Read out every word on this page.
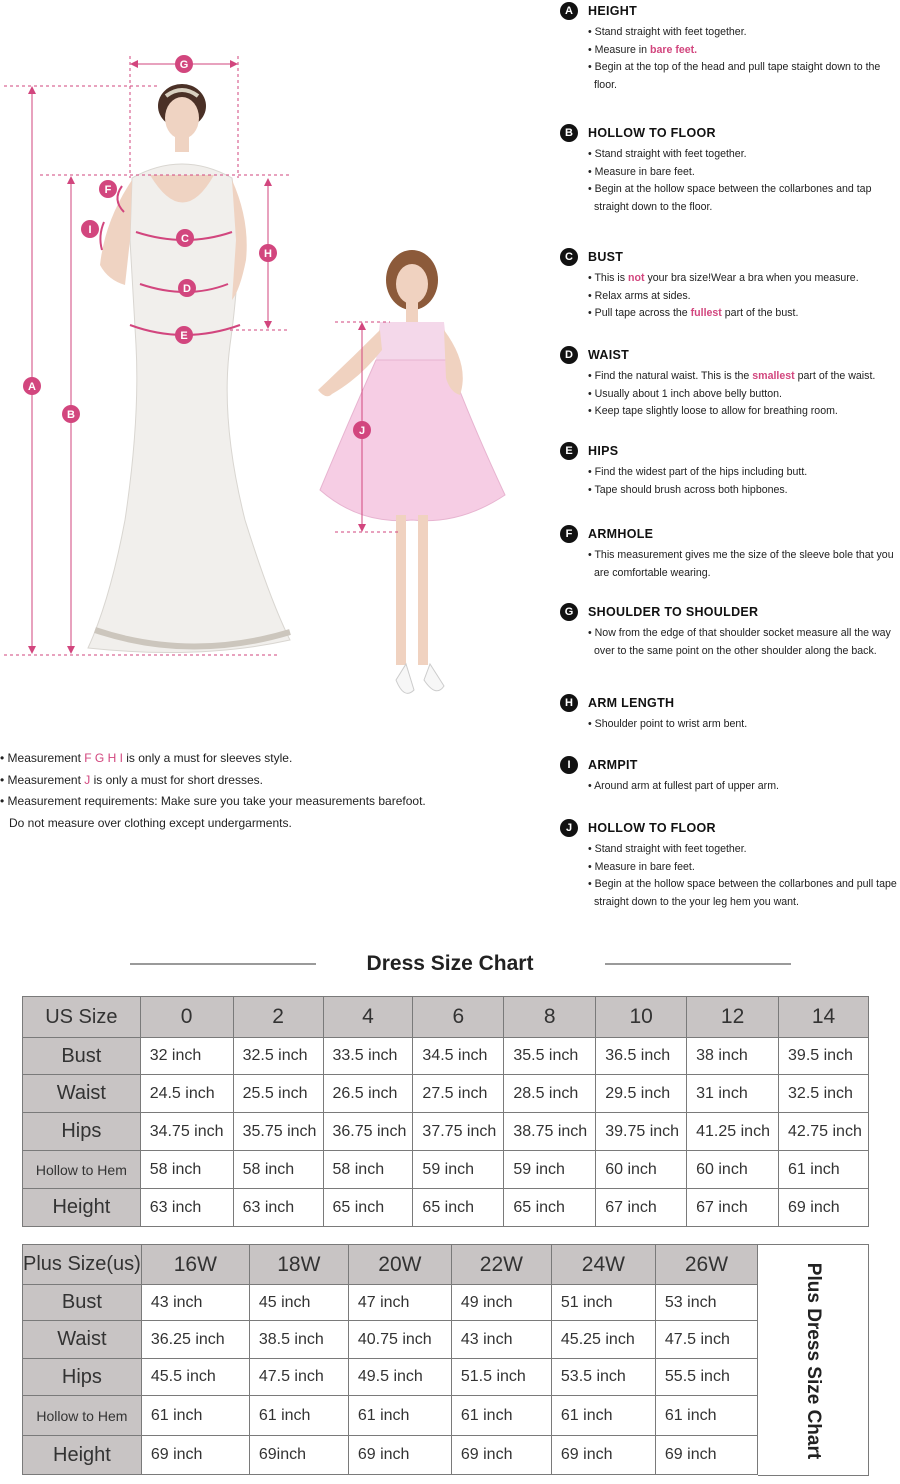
A
B
C
D
E
F
G
H
I
J
• Measurement F G H I is only a must for sleeves style.
• Measurement J is only a must for short dresses.
• Measurement requirements: Make sure you take your measurements barefoot.
Do not measure over clothing except undergarments.
A	HEIGHT
• Stand straight with feet together.
• Measure in bare feet.
• Begin at the top of the head and pull tape staight down to the floor.
B	HOLLOW TO FLOOR
• Stand straight with feet together.
• Measure in bare feet.
• Begin at the hollow space between the collarbones and tap straight down to the floor.
C	BUST
• This is not your bra size!Wear a bra when you measure.
• Relax arms at sides.
• Pull tape across the fullest part of the bust.
D	WAIST
• Find the natural waist. This is the smallest part of the waist.
• Usually about 1 inch above belly button.
• Keep tape slightly loose to allow for breathing room.
E	HIPS
• Find the widest part of the hips including butt.
• Tape should brush across both hipbones.
F	ARMHOLE
• This measurement gives me the size of the sleeve bole that you are comfortable wearing.
G	SHOULDER TO SHOULDER
• Now from the edge of that shoulder socket measure all the way over to the same point on the other shoulder along the back.
H	ARM LENGTH
• Shoulder point to wrist arm bent.
I	ARMPIT
• Around arm at fullest part of upper arm.
J	HOLLOW TO FLOOR
• Stand straight with feet together.
• Measure in bare feet.
• Begin at the hollow space between the collarbones and pull tape straight down to the your leg hem you want.
Dress Size Chart
US Size	0	2	4	6	8	10	12	14
Bust	32 inch	32.5 inch	33.5 inch	34.5 inch	35.5 inch	36.5 inch	38 inch	39.5 inch
Waist	24.5 inch	25.5 inch	26.5 inch	27.5 inch	28.5 inch	29.5 inch	31 inch	32.5 inch
Hips	34.75 inch	35.75 inch	36.75 inch	37.75 inch	38.75 inch	39.75 inch	41.25 inch	42.75 inch
Hollow to Hem	58 inch	58 inch	58 inch	59 inch	59 inch	60 inch	60 inch	61 inch
Height	63 inch	63 inch	65 inch	65 inch	65 inch	67 inch	67 inch	69 inch
Plus Size(us)	16W	18W	20W	22W	24W	26W
Bust	43 inch	45 inch	47 inch	49 inch	51 inch	53 inch
Waist	36.25 inch	38.5 inch	40.75 inch	43 inch	45.25 inch	47.5 inch
Hips	45.5 inch	47.5 inch	49.5 inch	51.5 inch	53.5 inch	55.5 inch
Hollow to Hem	61 inch	61 inch	61 inch	61 inch	61 inch	61 inch
Height	69 inch	69inch	69 inch	69 inch	69 inch	69 inch	Plus Dress Size Chart
